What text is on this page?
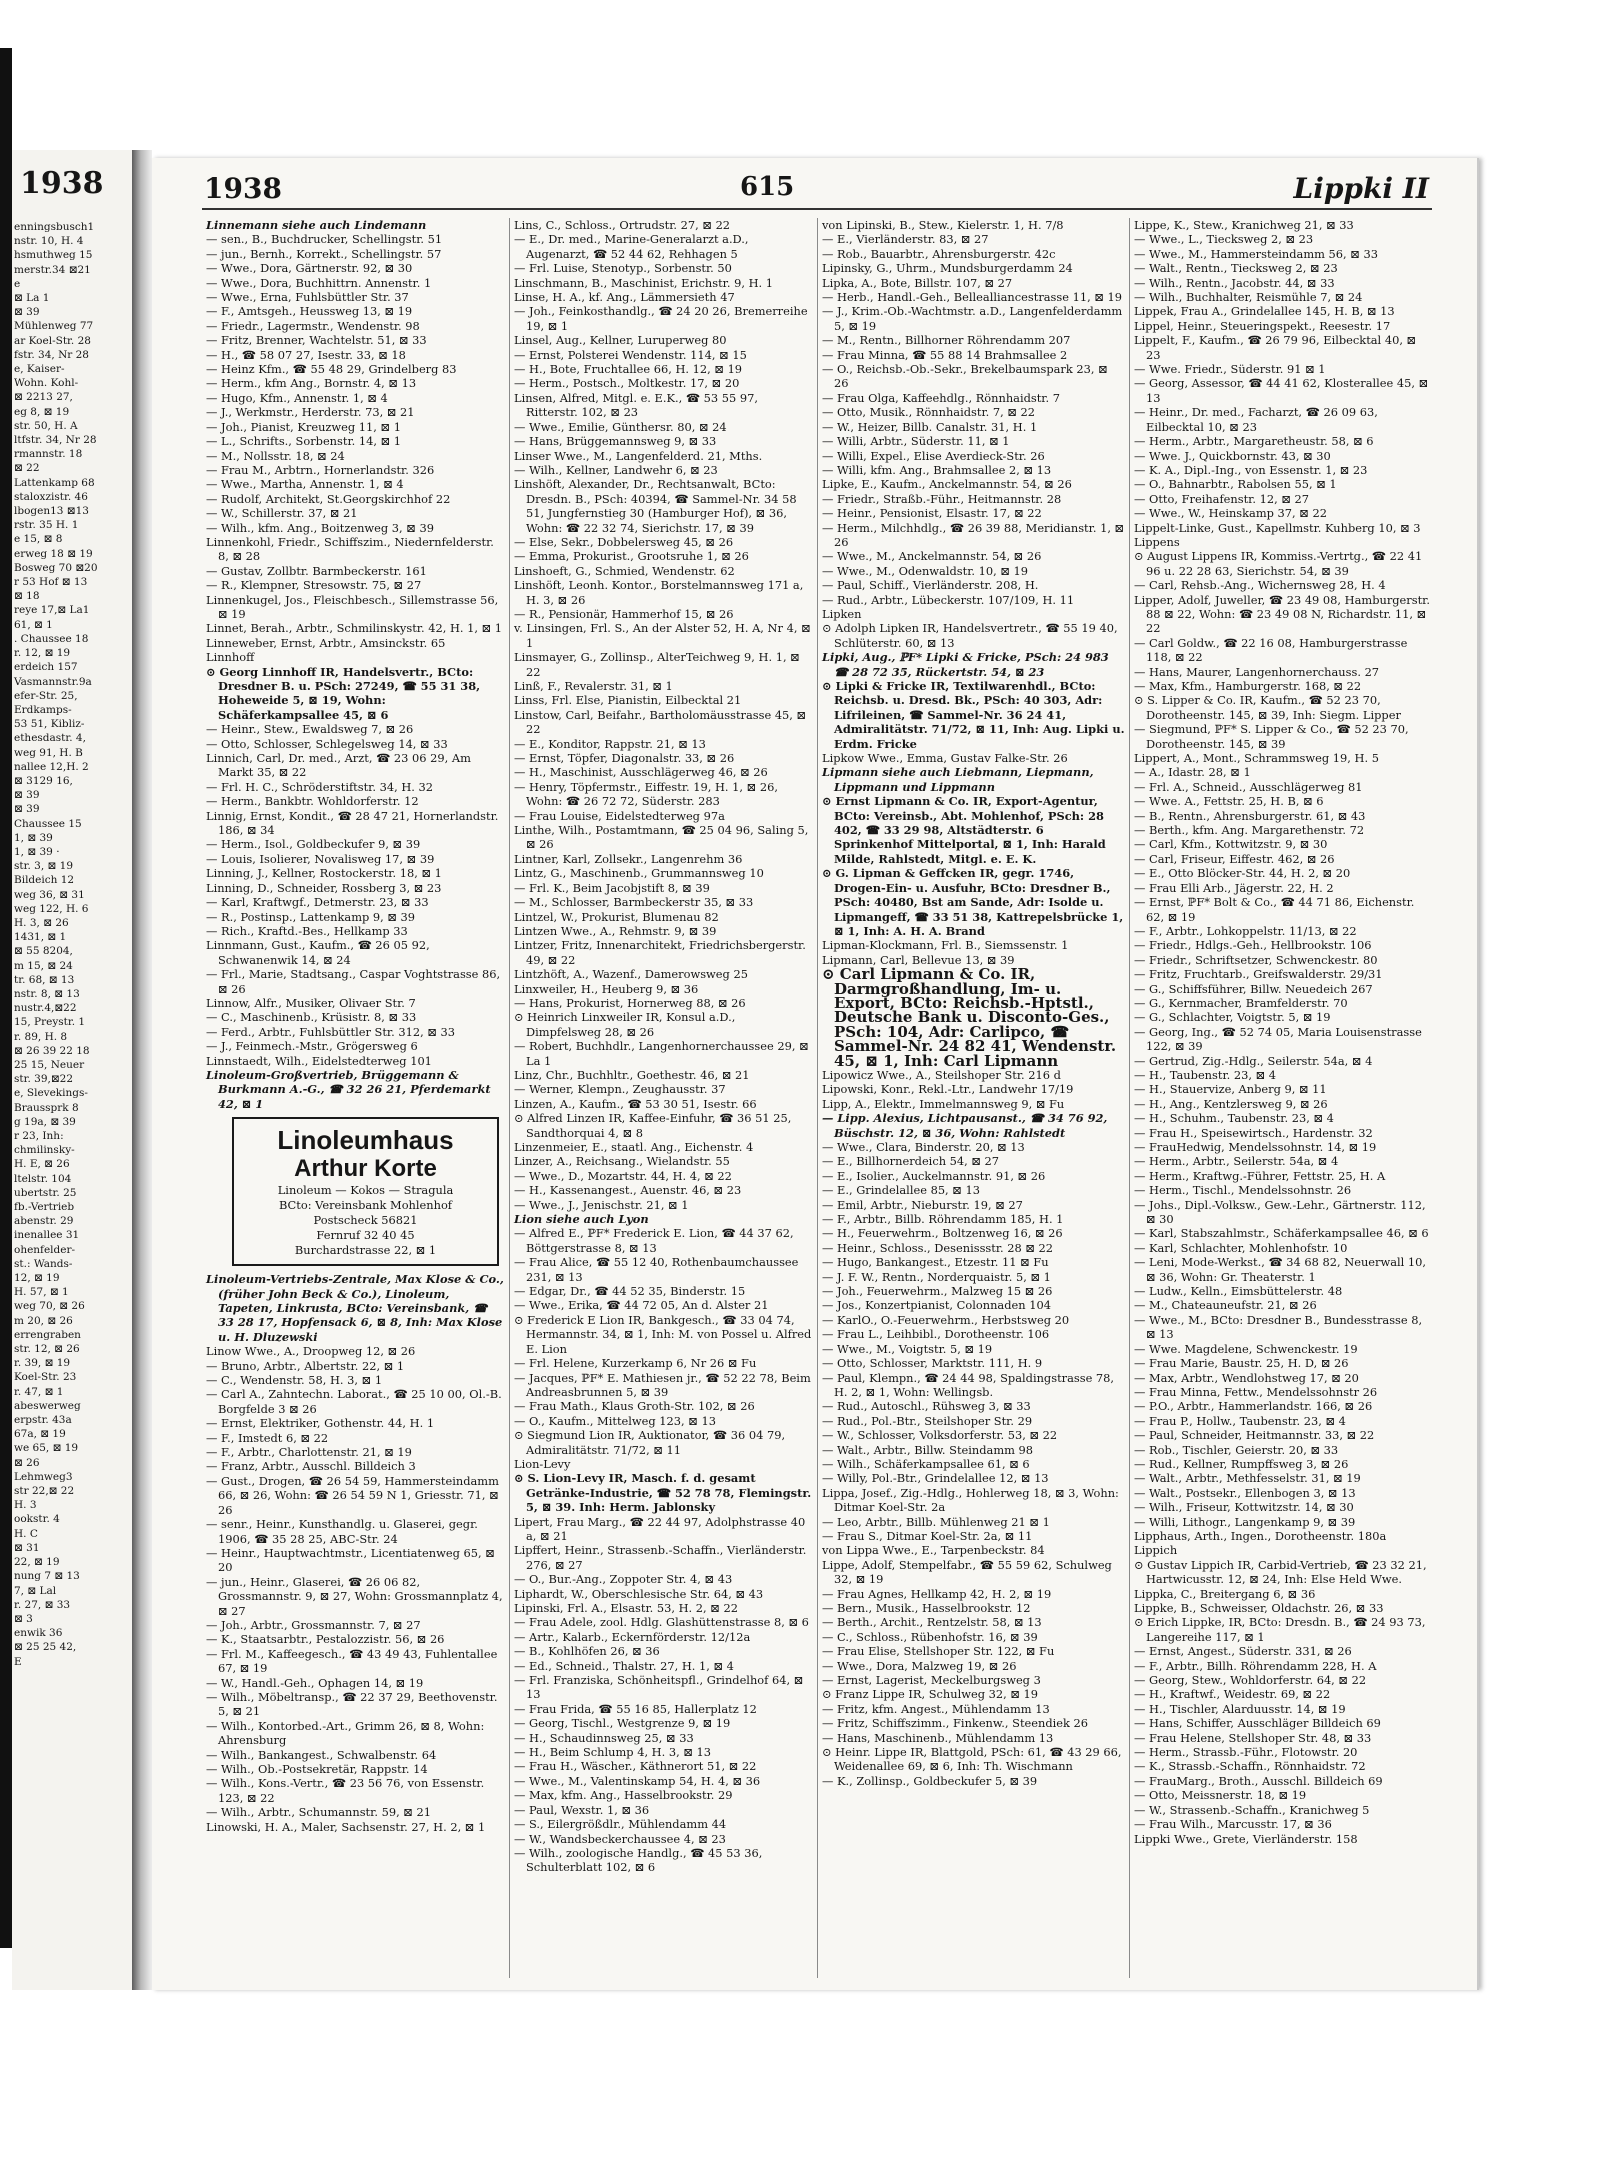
1938
enningsbusch1
nstr. 10, H. 4
hsmuthweg 15
merstr.34 ⊠21
e
⊠ La 1
⊠ 39
Mühlenweg 77
ar Koel-Str. 28
fstr. 34, Nr 28
e, Kaiser-
Wohn. Kohl-
⊠ 2213 27,
eg 8, ⊠ 19
str. 50, H. A
ltfstr. 34, Nr 28
rmannstr. 18
⊠ 22
Lattenkamp 68
staloxzistr. 46
lbogen13 ⊠13
rstr. 35 H. 1
e 15, ⊠ 8
erweg 18 ⊠ 19
Bosweg 70 ⊠20
r 53 Hof ⊠ 13
⊠ 18
reye 17,⊠ La1
61, ⊠ 1
. Chaussee 18
r. 12, ⊠ 19
erdeich 157
Vasmannstr.9a
efer-Str. 25,
Erdkamps-
53 51, Kibliz-
ethesdastr. 4,
weg 91, H. B
nallee 12,H. 2
⊠ 3129 16,
⊠ 39
⊠ 39
Chaussee 15
1, ⊠ 39
1, ⊠ 39 ·
str. 3, ⊠ 19
Bildeich 12
weg 36, ⊠ 31
weg 122, H. 6
H. 3, ⊠ 26
1431, ⊠ 1
⊠ 55 8204,
m 15, ⊠ 24
tr. 68, ⊠ 13
nstr. 8, ⊠ 13
nustr.4,⊠22
15, Preystr. 1
r. 89, H. 8
⊠ 26 39 22 18
25 15, Neuer
str. 39,⊠22
e, Slevekings-
Braussprk 8
g 19a, ⊠ 39
r 23, Inh:
chmilinsky-
H. E, ⊠ 26
ltelstr. 104
ubertstr. 25
fb.-Vertrieb
abenstr. 29
inenallee 31
ohenfelder-
st.: Wands-
12, ⊠ 19
H. 57, ⊠ 1
weg 70, ⊠ 26
m 20, ⊠ 26
errengraben
str. 12, ⊠ 26
r. 39, ⊠ 19
Koel-Str. 23
r. 47, ⊠ 1
abeswerweg
erpstr. 43a
67a, ⊠ 19
we 65, ⊠ 19
⊠ 26
Lehmweg3
str 22,⊠ 22
H. 3
ookstr. 4
H. C
⊠ 31
22, ⊠ 19
nung 7 ⊠ 13
7, ⊠ Lal
r. 27, ⊠ 33
⊠ 3
enwik 36
⊠ 25 25 42,
E
1938	615	Lippki II

Linnemann siehe auch Lindemann

— sen., B., Buchdrucker, Schellingstr. 51

— jun., Bernh., Korrekt., Schellingstr. 57

— Wwe., Dora, Gärtnerstr. 92, ⊠ 30

— Wwe., Dora, Buchhittrn. Annenstr. 1

— Wwe., Erna, Fuhlsbüttler Str. 37

— F., Amtsgeh., Heussweg 13, ⊠ 19

— Friedr., Lagermstr., Wendenstr. 98

— Fritz, Brenner, Wachtelstr. 51, ⊠ 33

— H., ☎ 58 07 27, Isestr. 33, ⊠ 18

— Heinz Kfm., ☎ 55 48 29, Grindelberg 83

— Herm., kfm Ang., Bornstr. 4, ⊠ 13

— Hugo, Kfm., Annenstr. 1, ⊠ 4

— J., Werkmstr., Herderstr. 73, ⊠ 21

— Joh., Pianist, Kreuzweg 11, ⊠ 1

— L., Schrifts., Sorbenstr. 14, ⊠ 1

— M., Nollsstr. 18, ⊠ 24

— Frau M., Arbtrn., Hornerlandstr. 326

— Wwe., Martha, Annenstr. 1, ⊠ 4

— Rudolf, Architekt, St.Georgskirchhof 22

— W., Schillerstr. 37, ⊠ 21

— Wilh., kfm. Ang., Boitzenweg 3, ⊠ 39

Linnenkohl, Friedr., Schiffszim., Niedernfelderstr. 8, ⊠ 28

— Gustav, Zollbtr. Barmbeckerstr. 161

— R., Klempner, Stresowstr. 75, ⊠ 27

Linnenkugel, Jos., Fleischbesch., Sillemstrasse 56, ⊠ 19

Linnet, Berah., Arbtr., Schmilinskystr. 42, H. 1, ⊠ 1

Linneweber, Ernst, Arbtr., Amsinckstr. 65

Linnhoff

⊙ Georg Linnhoff IR, Handelsvertr., BCto: Dresdner B. u. PSch: 27249, ☎ 55 31 38, Hoheweide 5, ⊠ 19, Wohn: Schäferkampsallee 45, ⊠ 6

— Heinr., Stew., Ewaldsweg 7, ⊠ 26

— Otto, Schlosser, Schlegelsweg 14, ⊠ 33

Linnich, Carl, Dr. med., Arzt, ☎ 23 06 29, Am Markt 35, ⊠ 22

— Frl. H. C., Schröderstiftstr. 34, H. 32

— Herm., Bankbtr. Wohldorferstr. 12

Linnig, Ernst, Kondit., ☎ 28 47 21, Hornerlandstr. 186, ⊠ 34

— Herm., Isol., Goldbeckufer 9, ⊠ 39

— Louis, Isolierer, Novalisweg 17, ⊠ 39

Linning, J., Kellner, Rostockerstr. 18, ⊠ 1

Linning, D., Schneider, Rossberg 3, ⊠ 23

— Karl, Kraftwgf., Detmerstr. 23, ⊠ 33

— R., Postinsp., Lattenkamp 9, ⊠ 39

— Rich., Kraftd.-Bes., Hellkamp 33

Linnmann, Gust., Kaufm., ☎ 26 05 92, Schwanenwik 14, ⊠ 24

— Frl., Marie, Stadtsang., Caspar Voghtstrasse 86, ⊠ 26

Linnow, Alfr., Musiker, Olivaer Str. 7

— C., Maschinenb., Krüsistr. 8, ⊠ 33

— Ferd., Arbtr., Fuhlsbüttler Str. 312, ⊠ 33

— J., Feinmech.-Mstr., Grögersweg 6

Linnstaedt, Wilh., Eidelstedterweg 101

Linoleum-Großvertrieb, Brüggemann & Burkmann A.-G., ☎ 32 26 21, Pferdemarkt 42, ⊠ 1

Linoleumhaus
Arthur Korte
Linoleum — Kokos — Stragula
BCto: Vereinsbank Mohlenhof
Postscheck 56821
Fernruf 32 40 45
Burchardstrasse 22, ⊠ 1

Linoleum-Vertriebs-Zentrale, Max Klose & Co., (früher John Beck & Co.), Linoleum, Tapeten, Linkrusta, BCto: Vereinsbank, ☎ 33 28 17, Hopfensack 6, ⊠ 8, Inh: Max Klose u. H. Dluzewski

Linow Wwe., A., Droopweg 12, ⊠ 26

— Bruno, Arbtr., Albertstr. 22, ⊠ 1

— C., Wendenstr. 58, H. 3, ⊠ 1

— Carl A., Zahntechn. Laborat., ☎ 25 10 00, Ol.-B. Borgfelde 3 ⊠ 26

— Ernst, Elektriker, Gothenstr. 44, H. 1

— F., Imstedt 6, ⊠ 22

— F., Arbtr., Charlottenstr. 21, ⊠ 19

— Franz, Arbtr., Ausschl. Billdeich 3

— Gust., Drogen, ☎ 26 54 59, Hammersteindamm 66, ⊠ 26, Wohn: ☎ 26 54 59 N 1, Griesstr. 71, ⊠ 26

— senr., Heinr., Kunsthandlg. u. Glaserei, gegr. 1906, ☎ 35 28 25, ABC-Str. 24

— Heinr., Hauptwachtmstr., Licentiatenweg 65, ⊠ 20

— jun., Heinr., Glaserei, ☎ 26 06 82, Grossmannstr. 9, ⊠ 27, Wohn: Grossmannplatz 4, ⊠ 27

— Joh., Arbtr., Grossmannstr. 7, ⊠ 27

— K., Staatsarbtr., Pestalozzistr. 56, ⊠ 26

— Frl. M., Kaffeegesch., ☎ 43 49 43, Fuhlentallee 67, ⊠ 19

— W., Handl.-Geh., Ophagen 14, ⊠ 19

— Wilh., Möbeltransp., ☎ 22 37 29, Beethovenstr. 5, ⊠ 21

— Wilh., Kontorbed.-Art., Grimm 26, ⊠ 8, Wohn: Ahrensburg

— Wilh., Bankangest., Schwalbenstr. 64

— Wilh., Ob.-Postsekretär, Rappstr. 14

— Wilh., Kons.-Vertr., ☎ 23 56 76, von Essenstr. 123, ⊠ 22

— Wilh., Arbtr., Schumannstr. 59, ⊠ 21

Linowski, H. A., Maler, Sachsenstr. 27, H. 2, ⊠ 1

Lins, C., Schloss., Ortrudstr. 27, ⊠ 22

— E., Dr. med., Marine-Generalarzt a.D., Augenarzt, ☎ 52 44 62, Rehhagen 5

— Frl. Luise, Stenotyp., Sorbenstr. 50

Linschmann, B., Maschinist, Erichstr. 9, H. 1

Linse, H. A., kf. Ang., Lämmersieth 47

— Joh., Feinkosthandlg., ☎ 24 20 26, Bremerreihe 19, ⊠ 1

Linsel, Aug., Kellner, Luruperweg 80

— Ernst, Polsterei Wendenstr. 114, ⊠ 15

— H., Bote, Fruchtallee 66, H. 12, ⊠ 19

— Herm., Postsch., Moltkestr. 17, ⊠ 20

Linsen, Alfred, Mitgl. e. E.K., ☎ 53 55 97, Ritterstr. 102, ⊠ 23

— Wwe., Emilie, Günthersr. 80, ⊠ 24

— Hans, Brüggemannsweg 9, ⊠ 33

Linser Wwe., M., Langenfelderd. 21, Mths.

— Wilh., Kellner, Landwehr 6, ⊠ 23

Linshöft, Alexander, Dr., Rechtsanwalt, BCto: Dresdn. B., PSch: 40394, ☎ Sammel-Nr. 34 58 51, Jungfernstieg 30 (Hamburger Hof), ⊠ 36, Wohn: ☎ 22 32 74, Sierichstr. 17, ⊠ 39

— Else, Sekr., Dobbelersweg 45, ⊠ 26

— Emma, Prokurist., Grootsruhe 1, ⊠ 26

Linshoeft, G., Schmied, Wendenstr. 62

Linshöft, Leonh. Kontor., Borstelmannsweg 171 a, H. 3, ⊠ 26

— R., Pensionär, Hammerhof 15, ⊠ 26

v. Linsingen, Frl. S., An der Alster 52, H. A, Nr 4, ⊠ 1

Linsmayer, G., Zollinsp., AlterTeichweg 9, H. 1, ⊠ 22

Linß, F., Revalerstr. 31, ⊠ 1

Linss, Frl. Else, Pianistin, Eilbecktal 21

Linstow, Carl, Beifahr., Bartholomäusstrasse 45, ⊠ 22

— E., Konditor, Rappstr. 21, ⊠ 13

— Ernst, Töpfer, Diagonalstr. 33, ⊠ 26

— H., Maschinist, Ausschlägerweg 46, ⊠ 26

— Henry, Töpfermstr., Eiffestr. 19, H. 1, ⊠ 26, Wohn: ☎ 26 72 72, Süderstr. 283

— Frau Louise, Eidelstedterweg 97a

Linthe, Wilh., Postamtmann, ☎ 25 04 96, Saling 5, ⊠ 26

Lintner, Karl, Zollsekr., Langenrehm 36

Lintz, G., Maschinenb., Grummannsweg 10

— Frl. K., Beim Jacobjstift 8, ⊠ 39

— M., Schlosser, Barmbeckerstr 35, ⊠ 33

Lintzel, W., Prokurist, Blumenau 82

Lintzen Wwe., A., Rehmstr. 9, ⊠ 39

Lintzer, Fritz, Innenarchitekt, Friedrichsbergerstr. 49, ⊠ 22

Lintzhöft, A., Wazenf., Damerowsweg 25

Linxweiler, H., Heuberg 9, ⊠ 36

— Hans, Prokurist, Hornerweg 88, ⊠ 26

⊙ Heinrich Linxweiler IR, Konsul a.D., Dimpfelsweg 28, ⊠ 26

— Robert, Buchhdlr., Langenhornerchaussee 29, ⊠ La 1

Linz, Chr., Buchhltr., Goethestr. 46, ⊠ 21

— Werner, Klempn., Zeughausstr. 37

Linzen, A., Kaufm., ☎ 53 30 51, Isestr. 66

⊙ Alfred Linzen IR, Kaffee-Einfuhr, ☎ 36 51 25, Sandthorquai 4, ⊠ 8

Linzenmeier, E., staatl. Ang., Eichenstr. 4

Linzer, A., Reichsang., Wielandstr. 55

— Wwe., D., Mozartstr. 44, H. 4, ⊠ 22

— H., Kassenangest., Auenstr. 46, ⊠ 23

— Wwe., J., Jenischstr. 21, ⊠ 1

Lion siehe auch Lyon

— Alfred E., ℙF* Frederick E. Lion, ☎ 44 37 62, Böttgerstrasse 8, ⊠ 13

— Frau Alice, ☎ 55 12 40, Rothenbaumchaussee 231, ⊠ 13

— Edgar, Dr., ☎ 44 52 35, Binderstr. 15

— Wwe., Erika, ☎ 44 72 05, An d. Alster 21

⊙ Frederick E Lion IR, Bankgesch., ☎ 33 04 74, Hermannstr. 34, ⊠ 1, Inh: M. von Possel u. Alfred E. Lion

— Frl. Helene, Kurzerkamp 6, Nr 26 ⊠ Fu

— Jacques, ℙF* E. Mathiesen jr., ☎ 52 22 78, Beim Andreasbrunnen 5, ⊠ 39

— Frau Math., Klaus Groth-Str. 102, ⊠ 26

— O., Kaufm., Mittelweg 123, ⊠ 13

⊙ Siegmund Lion IR, Auktionator, ☎ 36 04 79, Admiralitätstr. 71/72, ⊠ 11

Lion-Levy

⊙ S. Lion-Levy IR, Masch. f. d. gesamt Getränke-Industrie, ☎ 52 78 78, Flemingstr. 5, ⊠ 39. Inh: Herm. Jablonsky

Lipert, Frau Marg., ☎ 22 44 97, Adolphstrasse 40 a, ⊠ 21

Lipffert, Heinr., Strassenb.-Schaffn., Vierländerstr. 276, ⊠ 27

— O., Bur.-Ang., Zoppoter Str. 4, ⊠ 43

Liphardt, W., Oberschlesische Str. 64, ⊠ 43

Lipinski, Frl. A., Elsastr. 53, H. 2, ⊠ 22

— Frau Adele, zool. Hdlg. Glashüttenstrasse 8, ⊠ 6

— Artr., Kalarb., Eckernförderstr. 12/12a

— B., Kohlhöfen 26, ⊠ 36

— Ed., Schneid., Thalstr. 27, H. 1, ⊠ 4

— Frl. Franziska, Schönheitspfl., Grindelhof 64, ⊠ 13

— Frau Frida, ☎ 55 16 85, Hallerplatz 12

— Georg, Tischl., Westgrenze 9, ⊠ 19

— H., Schaudinnsweg 25, ⊠ 33

— H., Beim Schlump 4, H. 3, ⊠ 13

— Frau H., Wäscher., Käthnerort 51, ⊠ 22

— Wwe., M., Valentinskamp 54, H. 4, ⊠ 36

— Max, kfm. Ang., Hasselbrookstr. 29

— Paul, Wexstr. 1, ⊠ 36

— S., Eilergrößdlr., Mühlendamm 44

— W., Wandsbeckerchaussee 4, ⊠ 23

— Wilh., zoologische Handlg., ☎ 45 53 36, Schulterblatt 102, ⊠ 6

von Lipinski, B., Stew., Kielerstr. 1, H. 7/8

— E., Vierländerstr. 83, ⊠ 27

— Rob., Bauarbtr., Ahrensburgerstr. 42c

Lipinsky, G., Uhrm., Mundsburgerdamm 24

Lipka, A., Bote, Billstr. 107, ⊠ 27

— Herb., Handl.-Geh., Bellealliancestrasse 11, ⊠ 19

— J., Krim.-Ob.-Wachtmstr. a.D., Langenfelderdamm 5, ⊠ 19

— M., Rentn., Billhorner Röhrendamm 207

— Frau Minna, ☎ 55 88 14 Brahmsallee 2

— O., Reichsb.-Ob.-Sekr., Brekelbaumspark 23, ⊠ 26

— Frau Olga, Kaffeehdlg., Rönnhaidstr. 7

— Otto, Musik., Rönnhaidstr. 7, ⊠ 22

— W., Heizer, Billb. Canalstr. 31, H. 1

— Willi, Arbtr., Süderstr. 11, ⊠ 1

— Willi, Expel., Elise Averdieck-Str. 26

— Willi, kfm. Ang., Brahmsallee 2, ⊠ 13

Lipke, E., Kaufm., Anckelmannstr. 54, ⊠ 26

— Friedr., Straßb.-Führ., Heitmannstr. 28

— Heinr., Pensionist, Elsastr. 17, ⊠ 22

— Herm., Milchhdlg., ☎ 26 39 88, Meridianstr. 1, ⊠ 26

— Wwe., M., Anckelmannstr. 54, ⊠ 26

— Wwe., M., Odenwaldstr. 10, ⊠ 19

— Paul, Schiff., Vierländerstr. 208, H.

— Rud., Arbtr., Lübeckerstr. 107/109, H. 11

Lipken

⊙ Adolph Lipken IR, Handelsvertretr., ☎ 55 19 40, Schlüterstr. 60, ⊠ 13

Lipki, Aug., ℙF* Lipki & Fricke, PSch: 24 983 ☎ 28 72 35, Rückertstr. 54, ⊠ 23

⊙ Lipki & Fricke IR, Textilwarenhdl., BCto: Reichsb. u. Dresd. Bk., PSch: 40 303, Adr: Lifrileinen, ☎ Sammel-Nr. 36 24 41, Admiralitätstr. 71/72, ⊠ 11, Inh: Aug. Lipki u. Erdm. Fricke

Lipkow Wwe., Emma, Gustav Falke-Str. 26

Lipmann siehe auch Liebmann, Liepmann, Lippmann und Lippmann

⊙ Ernst Lipmann & Co. IR, Export-Agentur, BCto: Vereinsb., Abt. Mohlenhof, PSch: 28 402, ☎ 33 29 98, Altstädterstr. 6 Sprinkenhof Mittelportal, ⊠ 1, Inh: Harald Milde, Rahlstedt, Mitgl. e. E. K.

⊙ G. Lipman & Geffcken IR, gegr. 1746, Drogen-Ein- u. Ausfuhr, BCto: Dresdner B., PSch: 40480, Bst am Sande, Adr: Isolde u. Lipmangeff, ☎ 33 51 38, Kattrepelsbrücke 1, ⊠ 1, Inh: A. H. A. Brand

Lipman-Klockmann, Frl. B., Siemssenstr. 1

Lipmann, Carl, Bellevue 13, ⊠ 39

⊙ Carl Lipmann & Co. IR, Darmgroßhandlung, Im- u. Export, BCto: Reichsb.-Hptstl., Deutsche Bank u. Disconto-Ges., PSch: 104, Adr: Carlipco, ☎ Sammel-Nr. 24 82 41, Wendenstr. 45, ⊠ 1, Inh: Carl Lipmann

Lipowicz Wwe., A., Steilshoper Str. 216 d

Lipowski, Konr., Rekl.-Ltr., Landwehr 17/19

Lipp, A., Elektr., Immelmannsweg 9, ⊠ Fu

— Lipp. Alexius, Lichtpausanst., ☎ 34 76 92, Büschstr. 12, ⊠ 36, Wohn: Rahlstedt

— Wwe., Clara, Binderstr. 20, ⊠ 13

— E., Billhornerdeich 54, ⊠ 27

— E., Isolier., Auckelmannstr. 91, ⊠ 26

— E., Grindelallee 85, ⊠ 13

— Emil, Arbtr., Nieburstr. 19, ⊠ 27

— F., Arbtr., Billb. Röhrendamm 185, H. 1

— H., Feuerwehrm., Boltzenweg 16, ⊠ 26

— Heinr., Schloss., Desenissstr. 28 ⊠ 22

— Hugo, Bankangest., Etzestr. 11 ⊠ Fu

— J. F. W., Rentn., Norderquaistr. 5, ⊠ 1

— Joh., Feuerwehrm., Malzweg 15 ⊠ 26

— Jos., Konzertpianist, Colonnaden 104

— KarlO., O.-Feuerwehrm., Herbstsweg 20

— Frau L., Leihbibl., Dorotheenstr. 106

— Wwe., M., Voigtstr. 5, ⊠ 19

— Otto, Schlosser, Marktstr. 111, H. 9

— Paul, Klempn., ☎ 24 44 98, Spaldingstrasse 78, H. 2, ⊠ 1, Wohn: Wellingsb.

— Rud., Autoschl., Rühsweg 3, ⊠ 33

— Rud., Pol.-Btr., Steilshoper Str. 29

— W., Schlosser, Volksdorferstr. 53, ⊠ 22

— Walt., Arbtr., Billw. Steindamm 98

— Wilh., Schäferkampsallee 61, ⊠ 6

— Willy, Pol.-Btr., Grindelallee 12, ⊠ 13

Lippa, Josef., Zig.-Hdlg., Hohlerweg 18, ⊠ 3, Wohn: Ditmar Koel-Str. 2a

— Leo, Arbtr., Billb. Mühlenweg 21 ⊠ 1

— Frau S., Ditmar Koel-Str. 2a, ⊠ 11

von Lippa Wwe., E., Tarpenbeckstr. 84

Lippe, Adolf, Stempelfabr., ☎ 55 59 62, Schulweg 32, ⊠ 19

— Frau Agnes, Hellkamp 42, H. 2, ⊠ 19

— Bern., Musik., Hasselbrookstr. 12

— Berth., Archit., Rentzelstr. 58, ⊠ 13

— C., Schloss., Rübenhofstr. 16, ⊠ 39

— Frau Elise, Stellshoper Str. 122, ⊠ Fu

— Wwe., Dora, Malzweg 19, ⊠ 26

— Ernst, Lagerist, Meckelburgsweg 3

⊙ Franz Lippe IR, Schulweg 32, ⊠ 19

— Fritz, kfm. Angest., Mühlendamm 13

— Fritz, Schiffszimm., Finkenw., Steendiek 26

— Hans, Maschinenb., Mühlendamm 13

⊙ Heinr. Lippe IR, Blattgold, PSch: 61, ☎ 43 29 66, Weidenallee 69, ⊠ 6, Inh: Th. Wischmann

— K., Zollinsp., Goldbeckufer 5, ⊠ 39

Lippe, K., Stew., Kranichweg 21, ⊠ 33

— Wwe., L., Tiecksweg 2, ⊠ 23

— Wwe., M., Hammersteindamm 56, ⊠ 33

— Walt., Rentn., Tiecksweg 2, ⊠ 23

— Wilh., Rentn., Jacobstr. 44, ⊠ 33

— Wilh., Buchhalter, Reismühle 7, ⊠ 24

Lippek, Frau A., Grindelallee 145, H. B, ⊠ 13

Lippel, Heinr., Steueringspekt., Reesestr. 17

Lippelt, F., Kaufm., ☎ 26 79 96, Eilbecktal 40, ⊠ 23

— Wwe. Friedr., Süderstr. 91 ⊠ 1

— Georg, Assessor, ☎ 44 41 62, Klosterallee 45, ⊠ 13

— Heinr., Dr. med., Facharzt, ☎ 26 09 63, Eilbecktal 10, ⊠ 23

— Herm., Arbtr., Margaretheustr. 58, ⊠ 6

— Wwe. J., Quickbornstr. 43, ⊠ 30

— K. A., Dipl.-Ing., von Essenstr. 1, ⊠ 23

— O., Bahnarbtr., Rabolsen 55, ⊠ 1

— Otto, Freihafenstr. 12, ⊠ 27

— Wwe., W., Heinskamp 37, ⊠ 22

Lippelt-Linke, Gust., Kapellmstr. Kuhberg 10, ⊠ 3

Lippens

⊙ August Lippens IR, Kommiss.-Vertrtg., ☎ 22 41 96 u. 22 28 63, Sierichstr. 54, ⊠ 39

— Carl, Rehsb.-Ang., Wichernsweg 28, H. 4

Lipper, Adolf, Juweller, ☎ 23 49 08, Hamburgerstr. 88 ⊠ 22, Wohn: ☎ 23 49 08 N, Richardstr. 11, ⊠ 22

— Carl Goldw., ☎ 22 16 08, Hamburgerstrasse 118, ⊠ 22

— Hans, Maurer, Langenhornerchauss. 27

— Max, Kfm., Hamburgerstr. 168, ⊠ 22

⊙ S. Lipper & Co. IR, Kaufm., ☎ 52 23 70, Dorotheenstr. 145, ⊠ 39, Inh: Siegm. Lipper

— Siegmund, ℙF* S. Lipper & Co., ☎ 52 23 70, Dorotheenstr. 145, ⊠ 39

Lippert, A., Mont., Schrammsweg 19, H. 5

— A., Idastr. 28, ⊠ 1

— Frl. A., Schneid., Ausschlägerweg 81

— Wwe. A., Fettstr. 25, H. B, ⊠ 6

— B., Rentn., Ahrensburgerstr. 61, ⊠ 43

— Berth., kfm. Ang. Margarethenstr. 72

— Carl, Kfm., Kottwitzstr. 9, ⊠ 30

— Carl, Friseur, Eiffestr. 462, ⊠ 26

— E., Otto Blöcker-Str. 44, H. 2, ⊠ 20

— Frau Elli Arb., Jägerstr. 22, H. 2

— Ernst, ℙF* Bolt & Co., ☎ 44 71 86, Eichenstr. 62, ⊠ 19

— F., Arbtr., Lohkoppelstr. 11/13, ⊠ 22

— Friedr., Hdlgs.-Geh., Hellbrookstr. 106

— Friedr., Schriftsetzer, Schwenckestr. 80

— Fritz, Fruchtarb., Greifswalderstr. 29/31

— G., Schiffsführer, Billw. Neuedeich 267

— G., Kernmacher, Bramfelderstr. 70

— G., Schlachter, Voigtstr. 5, ⊠ 19

— Georg, Ing., ☎ 52 74 05, Maria Louisenstrasse 122, ⊠ 39

— Gertrud, Zig.-Hdlg., Seilerstr. 54a, ⊠ 4

— H., Taubenstr. 23, ⊠ 4

— H., Stauervize, Anberg 9, ⊠ 11

— H., Ang., Kentzlersweg 9, ⊠ 26

— H., Schuhm., Taubenstr. 23, ⊠ 4

— Frau H., Speisewirtsch., Hardenstr. 32

— FrauHedwig, Mendelssohnstr. 14, ⊠ 19

— Herm., Arbtr., Seilerstr. 54a, ⊠ 4

— Herm., Kraftwg.-Führer, Fettstr. 25, H. A

— Herm., Tischl., Mendelssohnstr. 26

— Johs., Dipl.-Volksw., Gew.-Lehr., Gärtnerstr. 112, ⊠ 30

— Karl, Stabszahlmstr., Schäferkampsallee 46, ⊠ 6

— Karl, Schlachter, Mohlenhofstr. 10

— Leni, Mode-Werkst., ☎ 34 68 82, Neuerwall 10, ⊠ 36, Wohn: Gr. Theaterstr. 1

— Ludw., Kelln., Eimsbüttelerstr. 48

— M., Chateauneufstr. 21, ⊠ 26

— Wwe., M., BCto: Dresdner B., Bundesstrasse 8, ⊠ 13

— Wwe. Magdelene, Schwenckestr. 19

— Frau Marie, Baustr. 25, H. D, ⊠ 26

— Max, Arbtr., Wendlohstweg 17, ⊠ 20

— Frau Minna, Fettw., Mendelssohnstr 26

— P.O., Arbtr., Hammerlandstr. 166, ⊠ 26

— Frau P., Hollw., Taubenstr. 23, ⊠ 4

— Paul, Schneider, Heitmannstr. 33, ⊠ 22

— Rob., Tischler, Geierstr. 20, ⊠ 33

— Rud., Kellner, Rumpffsweg 3, ⊠ 26

— Walt., Arbtr., Methfesselstr. 31, ⊠ 19

— Walt., Postsekr., Ellenbogen 3, ⊠ 13

— Wilh., Friseur, Kottwitzstr. 14, ⊠ 30

— Willi, Lithogr., Langenkamp 9, ⊠ 39

Lipphaus, Arth., Ingen., Dorotheenstr. 180a

Lippich

⊙ Gustav Lippich IR, Carbid-Vertrieb, ☎ 23 32 21, Hartwicusstr. 12, ⊠ 24, Inh: Else Held Wwe.

Lippka, C., Breitergang 6, ⊠ 36

Lippke, B., Schweisser, Oldachstr. 26, ⊠ 33

⊙ Erich Lippke, IR, BCto: Dresdn. B., ☎ 24 93 73, Langereihe 117, ⊠ 1

— Ernst, Angest., Süderstr. 331, ⊠ 26

— F., Arbtr., Billh. Röhrendamm 228, H. A

— Georg, Stew., Wohldorferstr. 64, ⊠ 22

— H., Kraftwf., Weidestr. 69, ⊠ 22

— H., Tischler, Alarduusstr. 14, ⊠ 19

— Hans, Schiffer, Ausschläger Billdeich 69

— Frau Helene, Stellshoper Str. 48, ⊠ 33

— Herm., Strassb.-Führ., Flotowstr. 20

— K., Strassb.-Schaffn., Rönnhaidstr. 72

— FrauMarg., Broth., Ausschl. Billdeich 69

— Otto, Meissnerstr. 18, ⊠ 19

— W., Strassenb.-Schaffn., Kranichweg 5

— Frau Wilh., Marcusstr. 17, ⊠ 36

Lippki Wwe., Grete, Vierländerstr. 158
